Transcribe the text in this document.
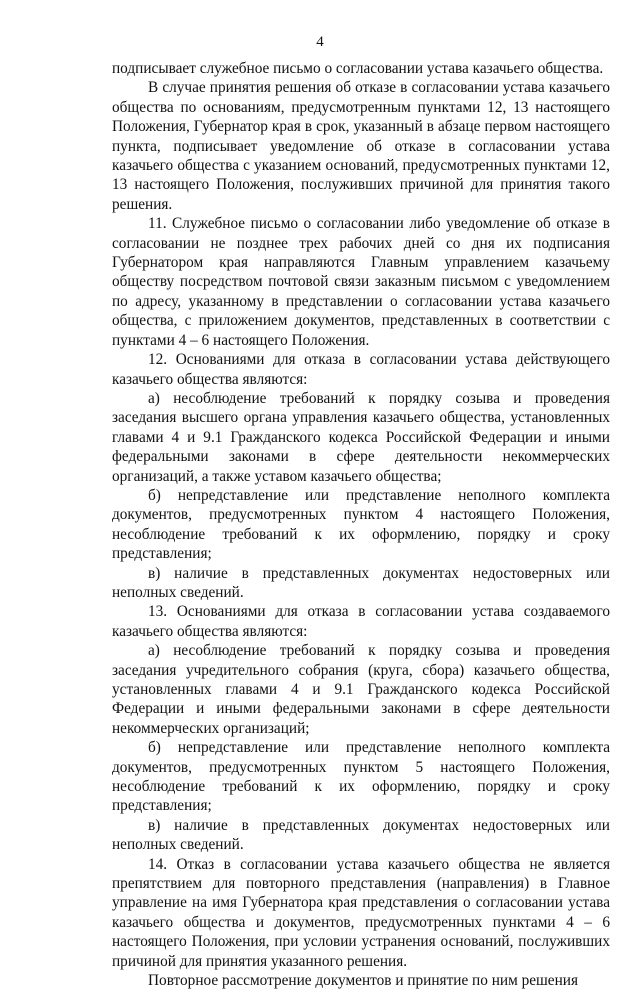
4

подписывает служебное письмо о согласовании устава казачьего общества.

В случае принятия решения об отказе в согласовании устава казачьего общества по основаниям, предусмотренным пунктами 12, 13 настоящего Положения, Губернатор края в срок, указанный в абзаце первом настоящего пункта, подписывает уведомление об отказе в согласовании устава казачьего общества с указанием оснований, предусмотренных пунктами 12, 13 настоящего Положения, послуживших причиной для принятия такого решения.

11. Служебное письмо о согласовании либо уведомление об отказе в согласовании не позднее трех рабочих дней со дня их подписания Губернатором края направляются Главным управлением казачьему обществу посредством почтовой связи заказным письмом с уведомлением по адресу, указанному в представлении о согласовании устава казачьего общества, с приложением документов, представленных в соответствии с пунктами 4 – 6 настоящего Положения.

12. Основаниями для отказа в согласовании устава действующего казачьего общества являются:

а) несоблюдение требований к порядку созыва и проведения заседания высшего органа управления казачьего общества, установленных главами 4 и 9.1 Гражданского кодекса Российской Федерации и иными федеральными законами в сфере деятельности некоммерческих организаций, а также уставом казачьего общества;

б) непредставление или представление неполного комплекта документов, предусмотренных пунктом 4 настоящего Положения, несоблюдение требований к их оформлению, порядку и сроку представления;

в) наличие в представленных документах недостоверных или неполных сведений.

13. Основаниями для отказа в согласовании устава создаваемого казачьего общества являются:

а) несоблюдение требований к порядку созыва и проведения заседания учредительного собрания (круга, сбора) казачьего общества, установленных главами 4 и 9.1 Гражданского кодекса Российской Федерации и иными федеральными законами в сфере деятельности некоммерческих организаций;

б) непредставление или представление неполного комплекта документов, предусмотренных пунктом 5 настоящего Положения, несоблюдение требований к их оформлению, порядку и сроку представления;

в) наличие в представленных документах недостоверных или неполных сведений.

14. Отказ в согласовании устава казачьего общества не является препятствием для повторного представления (направления) в Главное управление на имя Губернатора края представления о согласовании устава казачьего общества и документов, предусмотренных пунктами 4 – 6 настоящего Положения, при условии устранения оснований, послуживших причиной для принятия указанного решения.

Повторное рассмотрение документов и принятие по ним решения
